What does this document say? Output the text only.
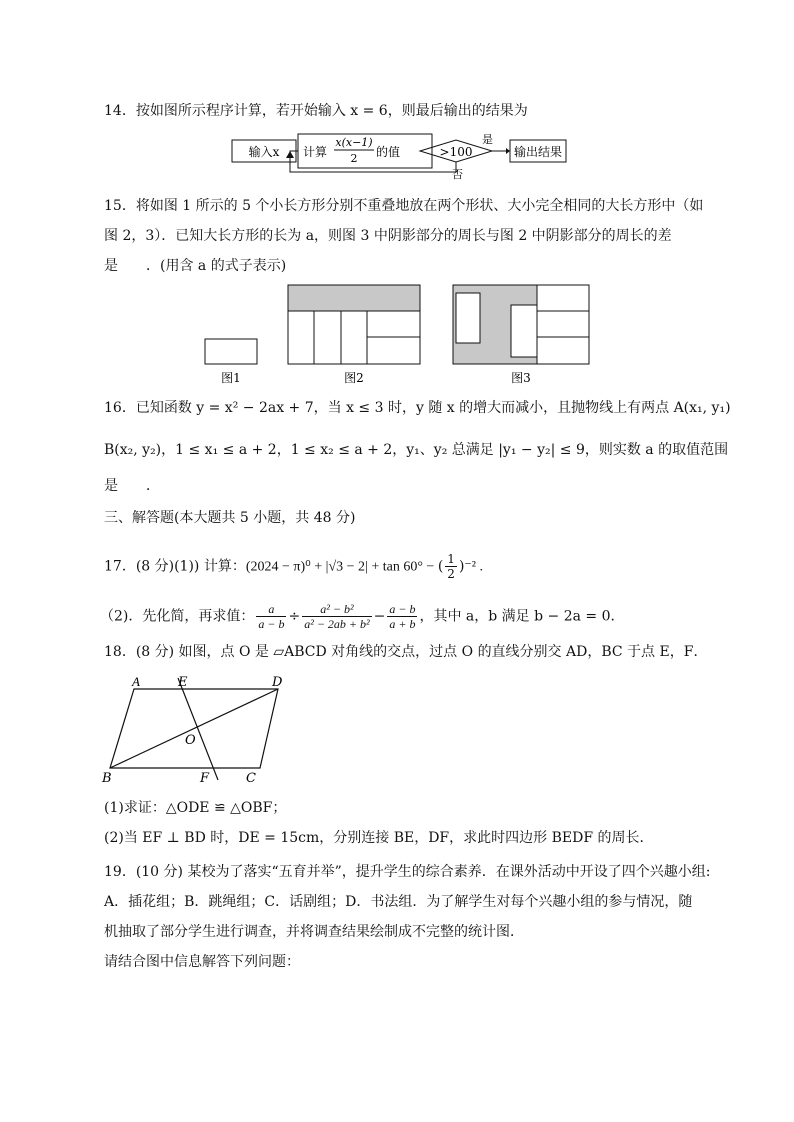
14．按如图所示程序计算，若开始输入 x = 6，则最后输出的结果为
输入x 计算
x(x−1)
2 的值	>100
是
输出结果
否
15．将如图 1 所示的 5 个小长方形分别不重叠地放在两个形状、大小完全相同的大长方形中（如
图 2，3）．已知大长方形的长为 a，则图 3 中阴影部分的周长与图 2 中阴影部分的周长的差
是　　．(用含 a 的式子表示)
图1	图2	图3
16．已知函数 y = x² − 2ax + 7，当 x ≤ 3 时，y 随 x 的增大而减小，且抛物线上有两点 A(x₁, y₁)
B(x₂, y₂)，1 ≤ x₁ ≤ a + 2，1 ≤ x₂ ≤ a + 2，y₁、y₂ 总满足 |y₁ − y₂| ≤ 9，则实数 a 的取值范围
是　　．
三、解答题(本大题共 5 小题，共 48 分)
17．(8 分)(1)) 计算：(2024 − π)⁰ + |√3 − 2| + tan 60° − ( $\frac{1}{2} )^{-2}$ .
（2)．先化简，再求值： $\frac{a}{a - b} \div \frac{\text{a² − b²}}{\text{a² − 2ab + b²}} - \frac{a - b}{a + b}$ ，其中 a，b 满足 b − 2a = 0．
18．(8 分) 如图，点 O 是 ▱ABCD 对角线的交点，过点 O 的直线分别交 AD，BC 于点 E，F．
A	E	D
O
B	F	C
(1)求证：△ODE ≌ △OBF；
(2)当 EF ⊥ BD 时，DE = 15cm，分别连接 BE，DF，求此时四边形 BEDF 的周长．
19．(10 分) 某校为了落实“五育并举”，提升学生的综合素养．在课外活动中开设了四个兴趣小组:
A．插花组；B．跳绳组；C．话剧组；D．书法组．为了解学生对每个兴趣小组的参与情况，随
机抽取了部分学生进行调查，并将调查结果绘制成不完整的统计图．
请结合图中信息解答下列问题：
